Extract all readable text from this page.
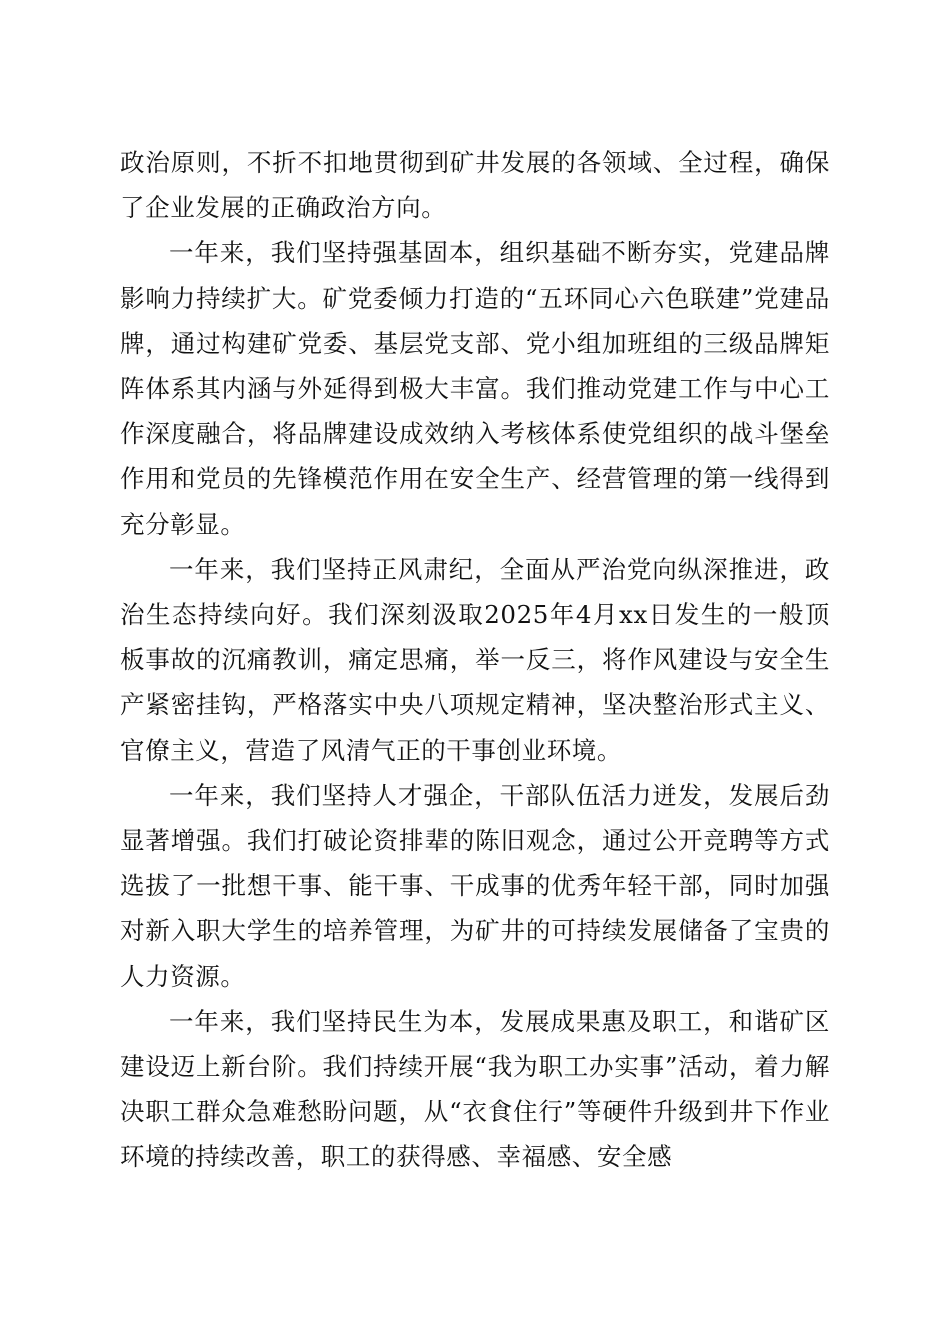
政治原则，不折不扣地贯彻到矿井发展的各领域、全过程，确保了企业发展的正确政治方向。

一年来，我们坚持强基固本，组织基础不断夯实，党建品牌影响力持续扩大。矿党委倾力打造的“五环同心六色联建”党建品牌，通过构建矿党委、基层党支部、党小组加班组的三级品牌矩阵体系其内涵与外延得到极大丰富。我们推动党建工作与中心工作深度融合，将品牌建设成效纳入考核体系使党组织的战斗堡垒作用和党员的先锋模范作用在安全生产、经营管理的第一线得到充分彰显。

一年来，我们坚持正风肃纪，全面从严治党向纵深推进，政治生态持续向好。我们深刻汲取2025年4月xx日发生的一般顶板事故的沉痛教训，痛定思痛，举一反三，将作风建设与安全生产紧密挂钩，严格落实中央八项规定精神，坚决整治形式主义、官僚主义，营造了风清气正的干事创业环境。

一年来，我们坚持人才强企，干部队伍活力迸发，发展后劲显著增强。我们打破论资排辈的陈旧观念，通过公开竞聘等方式选拔了一批想干事、能干事、干成事的优秀年轻干部，同时加强对新入职大学生的培养管理，为矿井的可持续发展储备了宝贵的人力资源。

一年来，我们坚持民生为本，发展成果惠及职工，和谐矿区建设迈上新台阶。我们持续开展“我为职工办实事”活动，着力解决职工群众急难愁盼问题，从“衣食住行”等硬件升级到井下作业环境的持续改善，职工的获得感、幸福感、安全感
